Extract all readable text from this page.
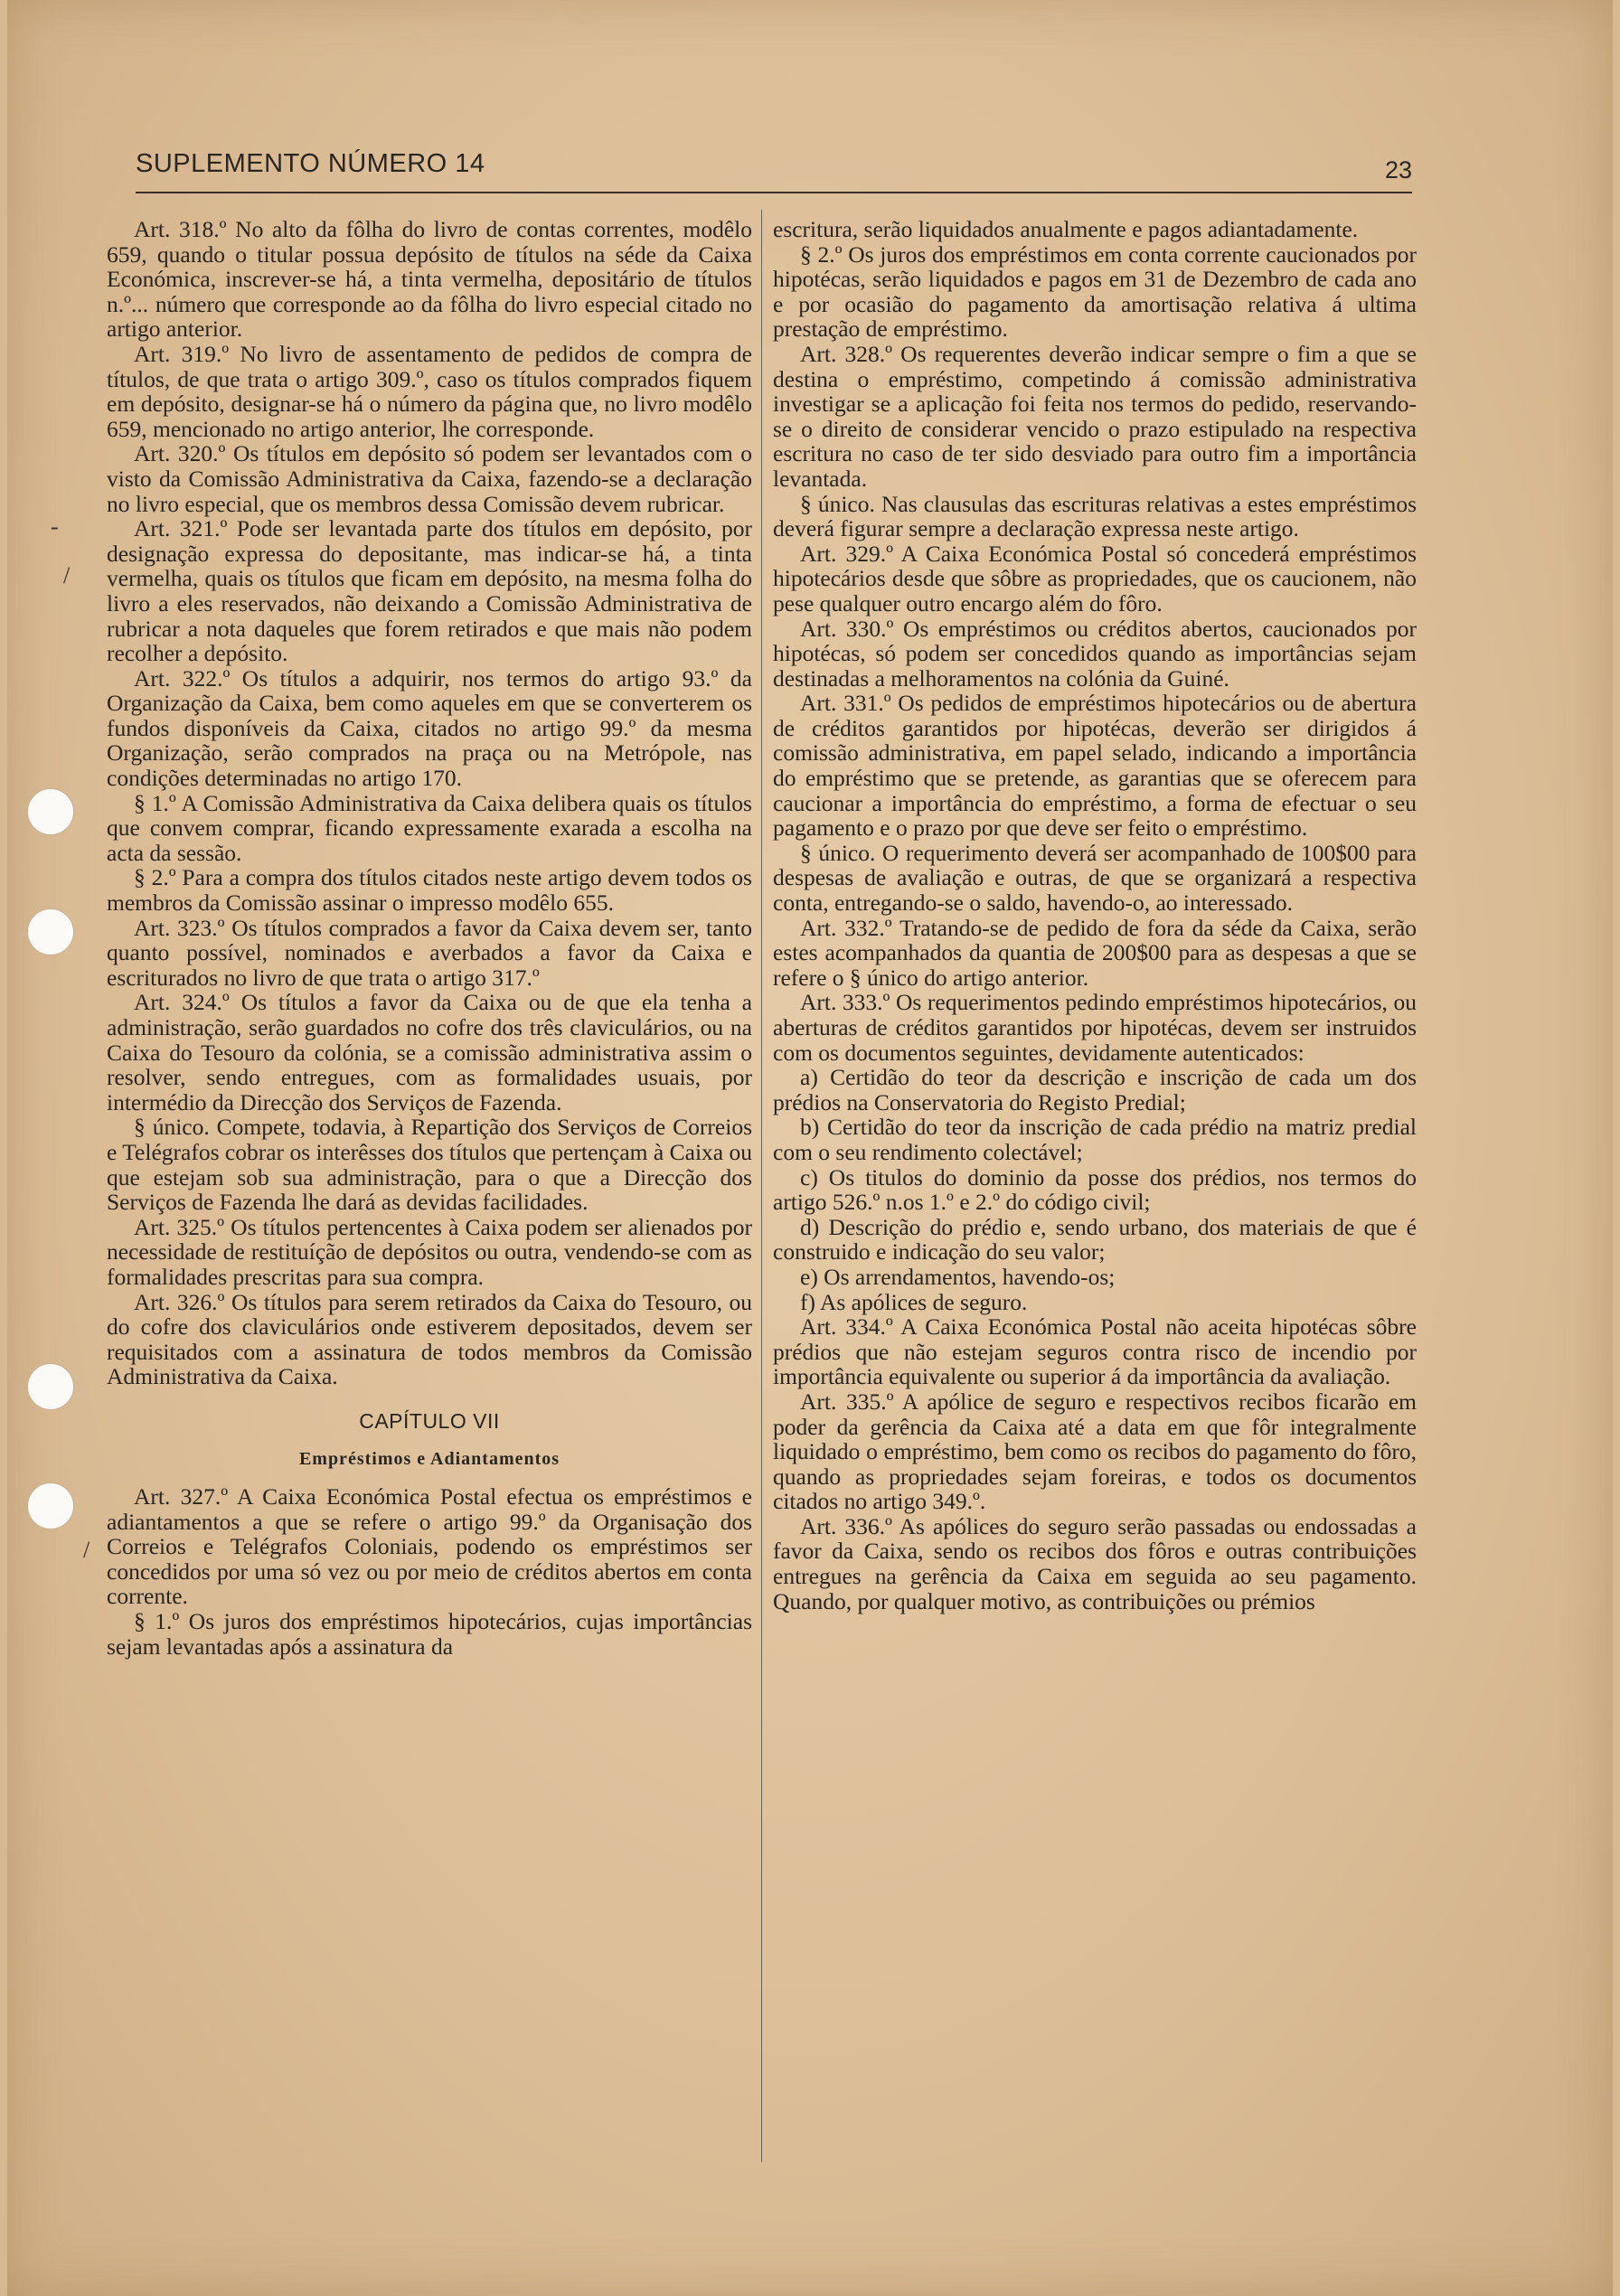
-
/
/
SUPLEMENTO NÚMERO 14	23

Art. 318.º No alto da fôlha do livro de contas correntes, modêlo 659, quando o titular possua depósito de títulos na séde da Caixa Económica, inscrever-se há, a tinta vermelha, depositário de títulos n.º... número que corresponde ao da fôlha do livro especial citado no artigo anterior.

Art. 319.º No livro de assentamento de pedidos de compra de títulos, de que trata o artigo 309.º, caso os títulos comprados fiquem em depósito, designar-se há o número da página que, no livro modêlo 659, mencionado no artigo anterior, lhe corresponde.

Art. 320.º Os títulos em depósito só podem ser levantados com o visto da Comissão Administrativa da Caixa, fazendo-se a declaração no livro especial, que os membros dessa Comissão devem rubricar.

Art. 321.º Pode ser levantada parte dos títulos em depósito, por designação expressa do depositante, mas indicar-se há, a tinta vermelha, quais os títulos que ficam em depósito, na mesma folha do livro a eles reservados, não deixando a Comissão Administrativa de rubricar a nota daqueles que forem retirados e que mais não podem recolher a depósito.

Art. 322.º Os títulos a adquirir, nos termos do artigo 93.º da Organização da Caixa, bem como aqueles em que se converterem os fundos disponíveis da Caixa, citados no artigo 99.º da mesma Organização, serão comprados na praça ou na Metrópole, nas condições determinadas no artigo 170.

§ 1.º A Comissão Administrativa da Caixa delibera quais os títulos que convem comprar, ficando expressamente exarada a escolha na acta da sessão.

§ 2.º Para a compra dos títulos citados neste artigo devem todos os membros da Comissão assinar o impresso modêlo 655.

Art. 323.º Os títulos comprados a favor da Caixa devem ser, tanto quanto possível, nominados e averbados a favor da Caixa e escriturados no livro de que trata o artigo 317.º

Art. 324.º Os títulos a favor da Caixa ou de que ela tenha a administração, serão guardados no cofre dos três claviculários, ou na Caixa do Tesouro da colónia, se a comissão administrativa assim o resolver, sendo entregues, com as formalidades usuais, por intermédio da Direcção dos Serviços de Fazenda.

§ único. Compete, todavia, à Repartição dos Serviços de Correios e Telégrafos cobrar os interêsses dos títulos que pertençam à Caixa ou que estejam sob sua administração, para o que a Direcção dos Serviços de Fazenda lhe dará as devidas facilidades.

Art. 325.º Os títulos pertencentes à Caixa podem ser alienados por necessidade de restituíção de depósitos ou outra, vendendo-se com as formalidades prescritas para sua compra.

Art. 326.º Os títulos para serem retirados da Caixa do Tesouro, ou do cofre dos claviculários onde estiverem depositados, devem ser requisitados com a assinatura de todos membros da Comissão Administrativa da Caixa.

CAPÍTULO VII

Empréstimos e Adiantamentos

Art. 327.º A Caixa Económica Postal efectua os empréstimos e adiantamentos a que se refere o artigo 99.º da Organisação dos Correios e Telégrafos Coloniais, podendo os empréstimos ser concedidos por uma só vez ou por meio de créditos abertos em conta corrente.

§ 1.º Os juros dos empréstimos hipotecários, cujas importâncias sejam levantadas após a assinatura da

escritura, serão liquidados anualmente e pagos adiantadamente.

§ 2.º Os juros dos empréstimos em conta corrente caucionados por hipotécas, serão liquidados e pagos em 31 de Dezembro de cada ano e por ocasião do pagamento da amortisação relativa á ultima prestação de empréstimo.

Art. 328.º Os requerentes deverão indicar sempre o fim a que se destina o empréstimo, competindo á comissão administrativa investigar se a aplicação foi feita nos termos do pedido, reservando-se o direito de considerar vencido o prazo estipulado na respectiva escritura no caso de ter sido desviado para outro fim a importância levantada.

§ único. Nas clausulas das escrituras relativas a estes empréstimos deverá figurar sempre a declaração expressa neste artigo.

Art. 329.º A Caixa Económica Postal só concederá empréstimos hipotecários desde que sôbre as propriedades, que os caucionem, não pese qualquer outro encargo além do fôro.

Art. 330.º Os empréstimos ou créditos abertos, caucionados por hipotécas, só podem ser concedidos quando as importâncias sejam destinadas a melhoramentos na colónia da Guiné.

Art. 331.º Os pedidos de empréstimos hipotecários ou de abertura de créditos garantidos por hipotécas, deverão ser dirigidos á comissão administrativa, em papel selado, indicando a importância do empréstimo que se pretende, as garantias que se oferecem para caucionar a importância do empréstimo, a forma de efectuar o seu pagamento e o prazo por que deve ser feito o empréstimo.

§ único. O requerimento deverá ser acompanhado de 100$00 para despesas de avaliação e outras, de que se organizará a respectiva conta, entregando-se o saldo, havendo-o, ao interessado.

Art. 332.º Tratando-se de pedido de fora da séde da Caixa, serão estes acompanhados da quantia de 200$00 para as despesas a que se refere o § único do artigo anterior.

Art. 333.º Os requerimentos pedindo empréstimos hipotecários, ou aberturas de créditos garantidos por hipotécas, devem ser instruidos com os documentos seguintes, devidamente autenticados:

a) Certidão do teor da descrição e inscrição de cada um dos prédios na Conservatoria do Registo Predial;

b) Certidão do teor da inscrição de cada prédio na matriz predial com o seu rendimento colectável;

c) Os titulos do dominio da posse dos prédios, nos termos do artigo 526.º n.os 1.º e 2.º do código civil;

d) Descrição do prédio e, sendo urbano, dos materiais de que é construido e indicação do seu valor;

e) Os arrendamentos, havendo-os;

f) As apólices de seguro.

Art. 334.º A Caixa Económica Postal não aceita hipotécas sôbre prédios que não estejam seguros contra risco de incendio por importância equivalente ou superior á da importância da avaliação.

Art. 335.º A apólice de seguro e respectivos recibos ficarão em poder da gerência da Caixa até a data em que fôr integralmente liquidado o empréstimo, bem como os recibos do pagamento do fôro, quando as propriedades sejam foreiras, e todos os documentos citados no artigo 349.º.

Art. 336.º As apólices do seguro serão passadas ou endossadas a favor da Caixa, sendo os recibos dos fôros e outras contribuições entregues na gerência da Caixa em seguida ao seu pagamento. Quando, por qualquer motivo, as contribuições ou prémios
